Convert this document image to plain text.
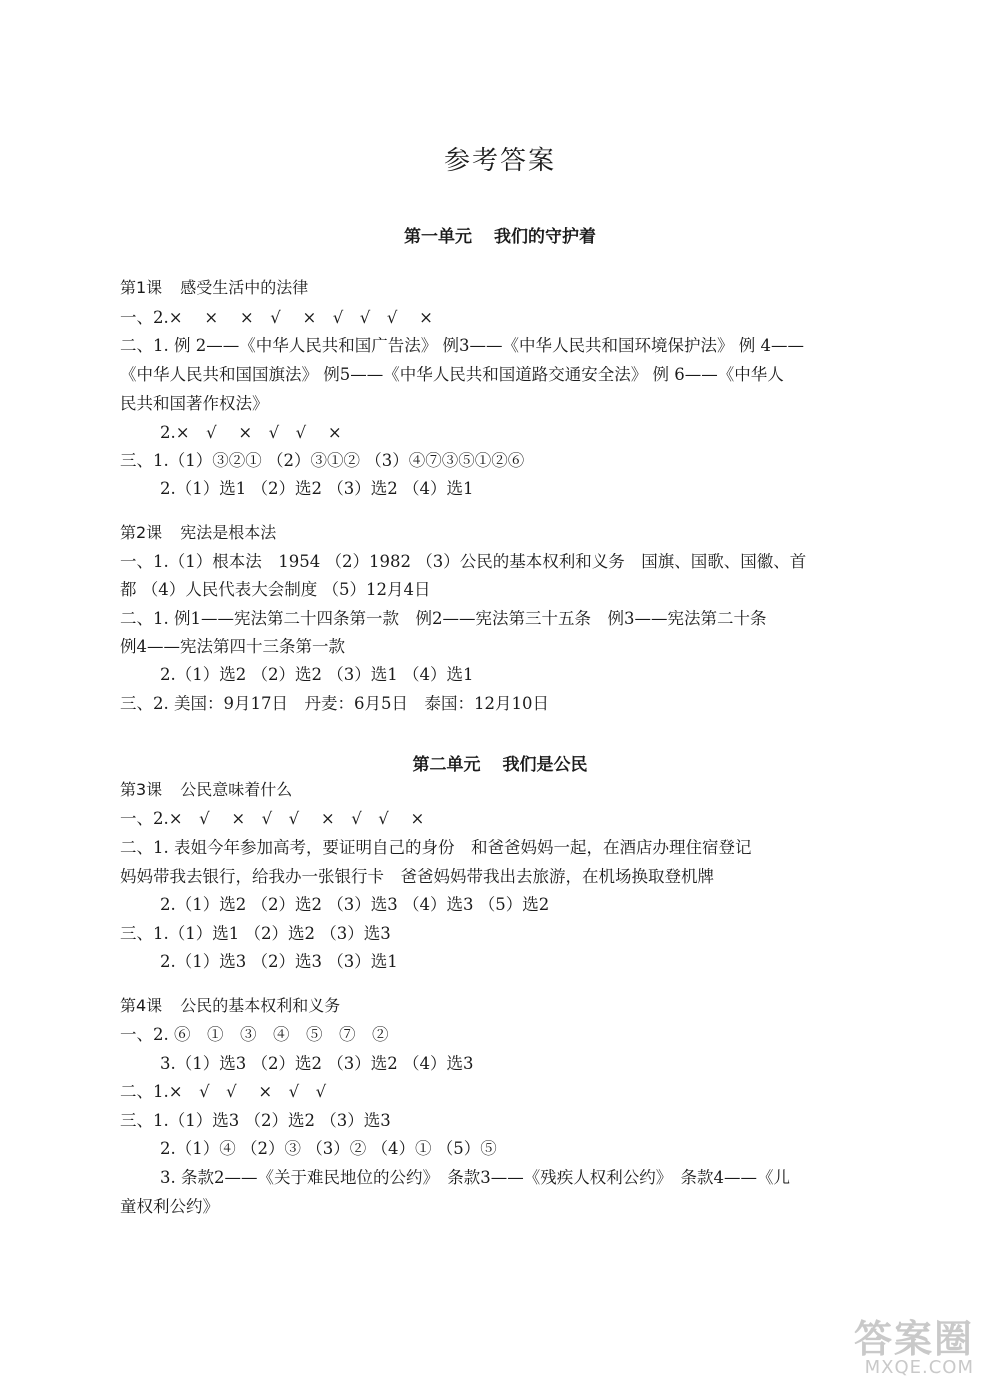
参考答案
第一单元 我们的守护着
第1课 感受生活中的法律
一、2.×　 ×　 ×　√　 ×　√　√　√　 ×
二、1. 例 2——《中华人民共和国广告法》 例3——《中华人民共和国环境保护法》 例 4——
《中华人民共和国国旗法》 例5——《中华人民共和国道路交通安全法》 例 6——《中华人
民共和国著作权法》
2.×　√　 ×　√　√　 ×
三、1.（1）③②① （2）③①② （3）④⑦③⑤①②⑥
2.（1）选1 （2）选2 （3）选2 （4）选1
第2课 宪法是根本法
一、1.（1）根本法　1954 （2）1982 （3）公民的基本权利和义务　国旗、国歌、国徽、首
都 （4）人民代表大会制度 （5）12月4日
二、1. 例1——宪法第二十四条第一款　例2——宪法第三十五条　例3——宪法第二十条
例4——宪法第四十三条第一款
2.（1）选2 （2）选2 （3）选1 （4）选1
三、2. 美国：9月17日　丹麦：6月5日　泰国：12月10日
第二单元 我们是公民
第3课 公民意味着什么
一、2.×　√　 ×　√　√　 ×　√　√　 ×
二、1. 表姐今年参加高考，要证明自己的身份　和爸爸妈妈一起，在酒店办理住宿登记
妈妈带我去银行，给我办一张银行卡　爸爸妈妈带我出去旅游，在机场换取登机牌
2.（1）选2 （2）选2 （3）选3 （4）选3 （5）选2
三、1.（1）选1 （2）选2 （3）选3
2.（1）选3 （2）选3 （3）选1
第4课 公民的基本权利和义务
一、2. ⑥　①　③　④　⑤　⑦　②
3.（1）选3 （2）选2 （3）选2 （4）选3
二、1.×　√　√　 ×　√　√
三、1.（1）选3 （2）选2 （3）选3
2.（1）④ （2）③ （3）② （4）① （5）⑤
3. 条款2——《关于难民地位的公约》　条款3——《残疾人权利公约》　条款4——《儿
童权利公约》
答案圈
MXQE.COM
